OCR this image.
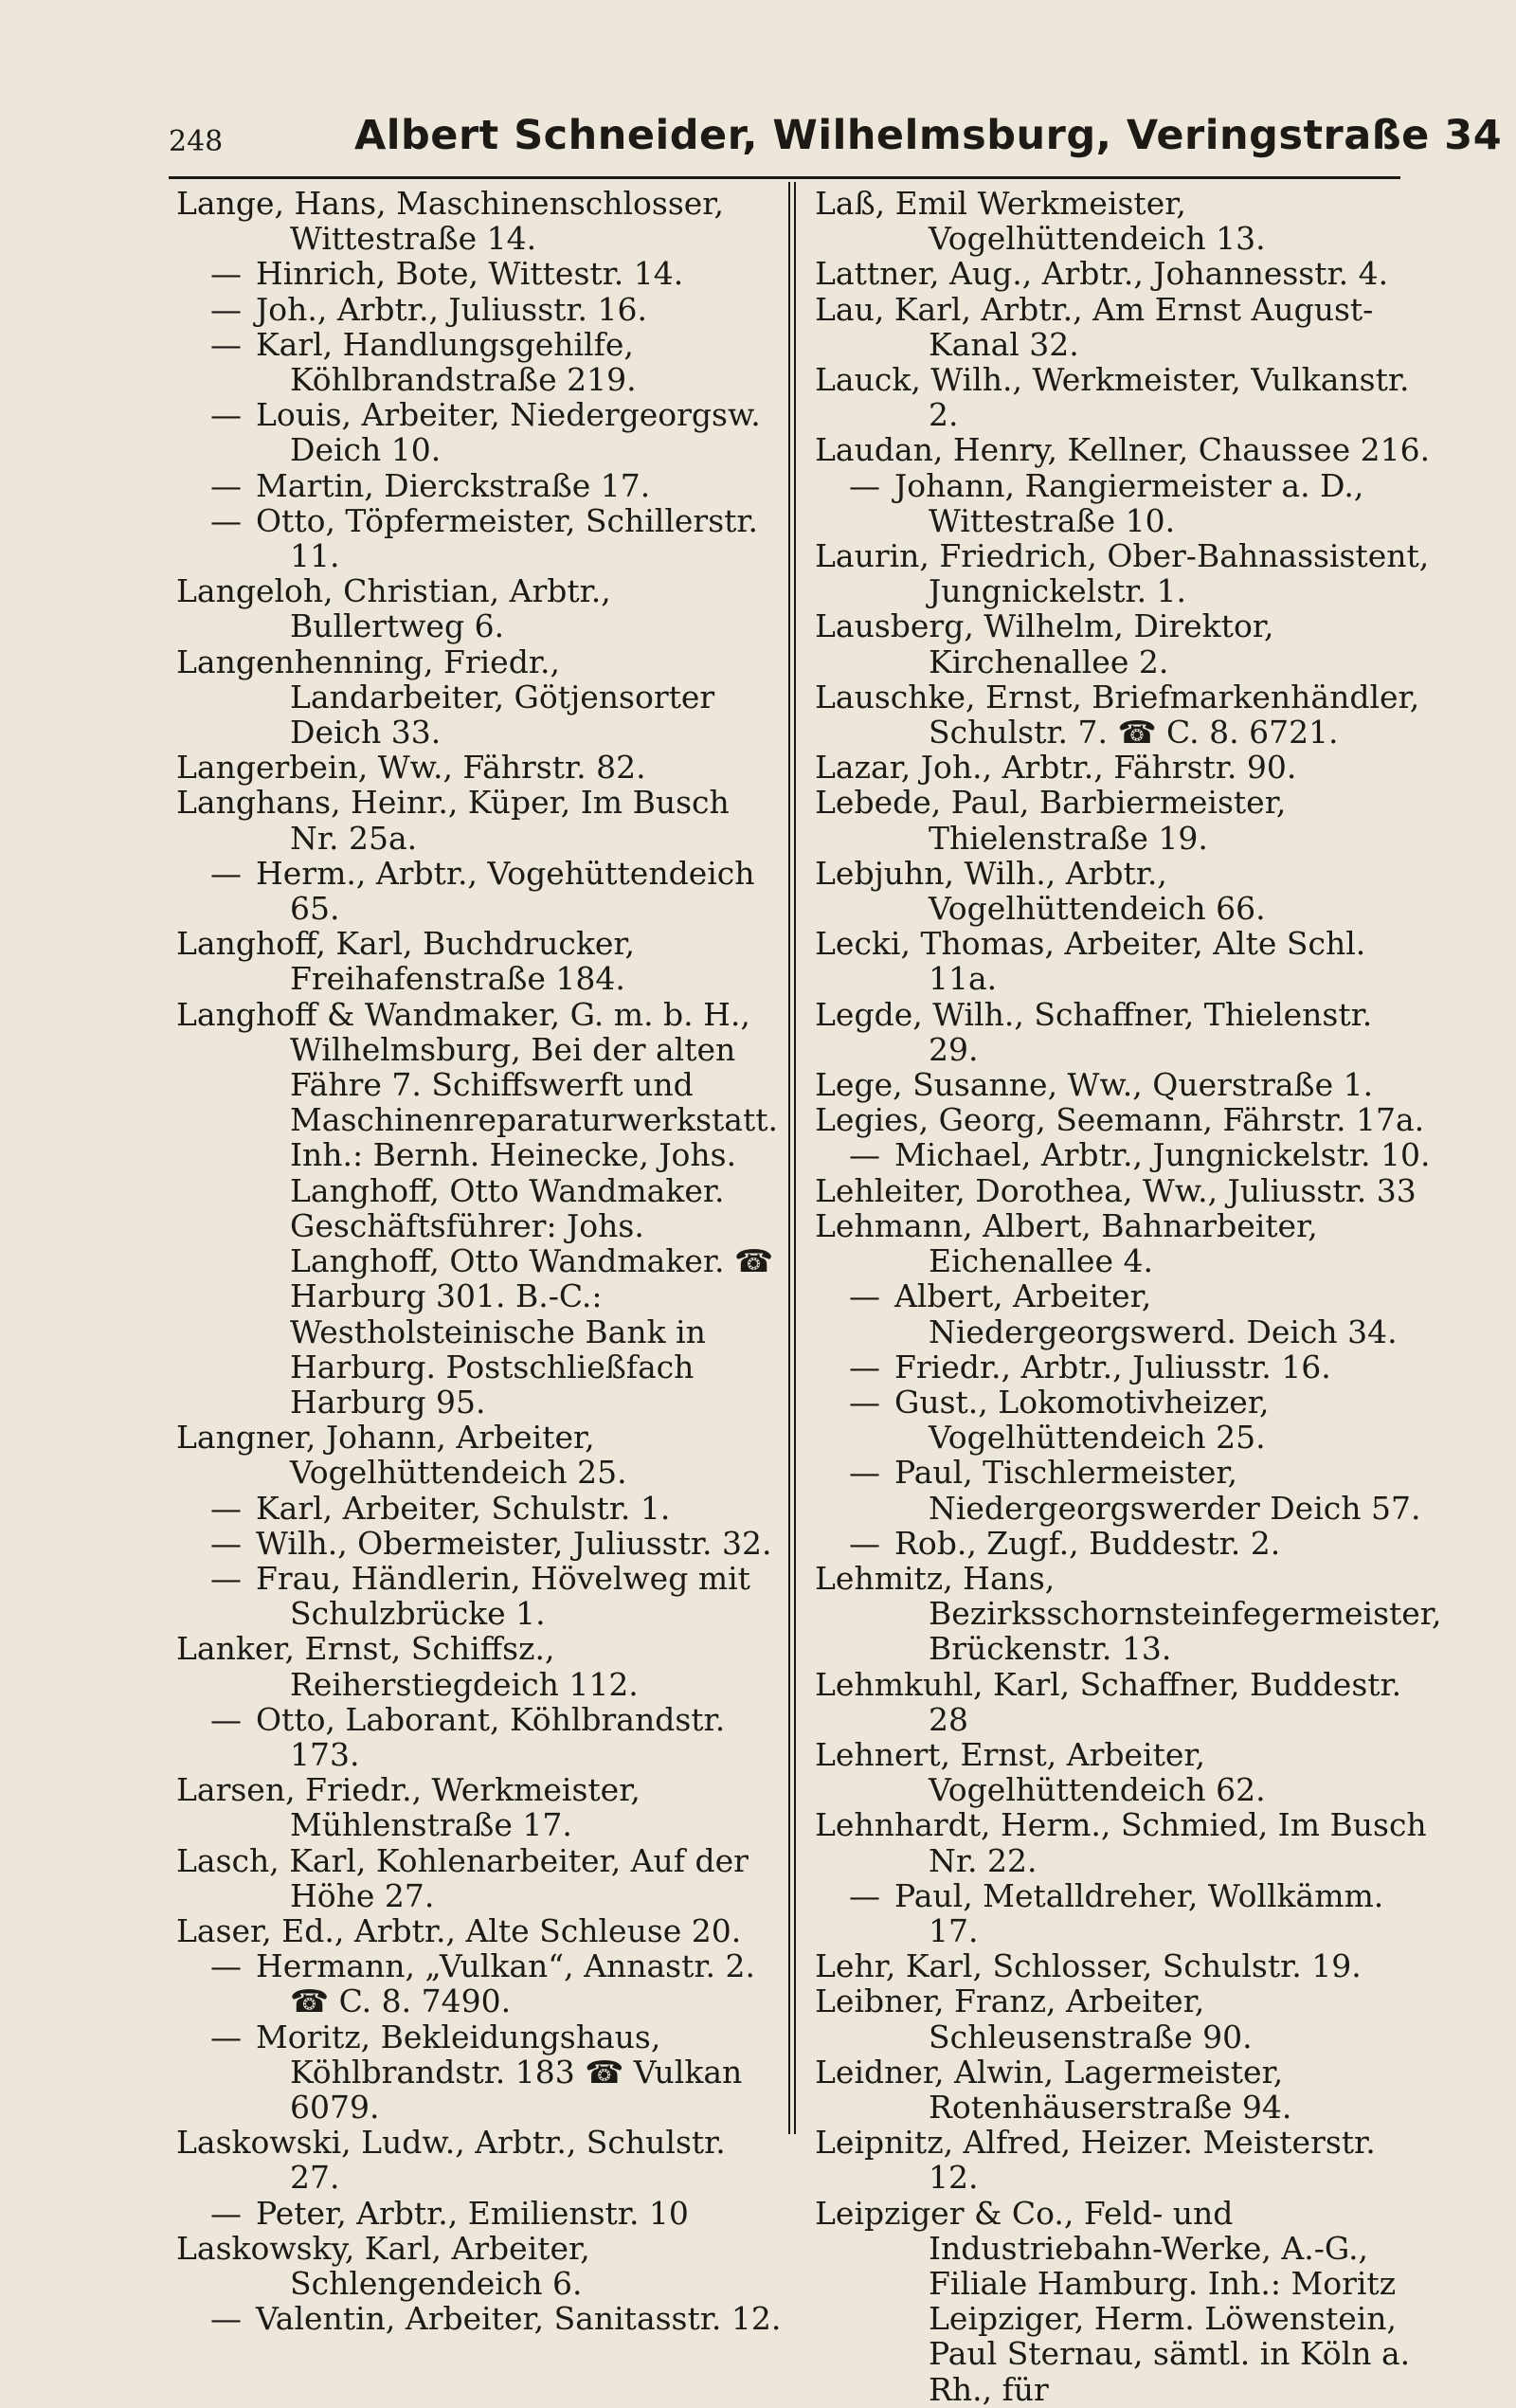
248	Albert Schneider, Wilhelmsburg, Veringstraße 34

Lange, Hans, Maschinenschlosser, Wittestraße 14.

— Hinrich, Bote, Wittestr. 14.

— Joh., Arbtr., Juliusstr. 16.

— Karl, Handlungsgehilfe, Köhlbrandstraße 219.

— Louis, Arbeiter, Niedergeorgsw. Deich 10.

— Martin, Dierckstraße 17.

— Otto, Töpfermeister, Schillerstr. 11.

Langeloh, Christian, Arbtr., Bullertweg 6.

Langenhenning, Friedr., Landarbeiter, Götjensorter Deich 33.

Langerbein, Ww., Fährstr. 82.

Langhans, Heinr., Küper, Im Busch Nr. 25a.

— Herm., Arbtr., Vogehüttendeich 65.

Langhoff, Karl, Buchdrucker, Freihafenstraße 184.

Langhoff & Wandmaker, G. m. b. H., Wilhelmsburg, Bei der alten Fähre 7. Schiffswerft und Maschinenreparaturwerkstatt. Inh.: Bernh. Heinecke, Johs. Langhoff, Otto Wandmaker. Geschäftsführer: Johs. Langhoff, Otto Wandmaker. ☎ Harburg 301. B.-C.: Westholsteinische Bank in Harburg. Postschließfach Harburg 95.

Langner, Johann, Arbeiter, Vogelhüttendeich 25.

— Karl, Arbeiter, Schulstr. 1.

— Wilh., Obermeister, Juliusstr. 32.

— Frau, Händlerin, Hövelweg mit Schulzbrücke 1.

Lanker, Ernst, Schiffsz., Reiherstiegdeich 112.

— Otto, Laborant, Köhlbrandstr. 173.

Larsen, Friedr., Werkmeister, Mühlenstraße 17.

Lasch, Karl, Kohlenarbeiter, Auf der Höhe 27.

Laser, Ed., Arbtr., Alte Schleuse 20.

— Hermann, „Vulkan“, Annastr. 2. ☎ C. 8. 7490.

— Moritz, Bekleidungshaus, Köhlbrandstr. 183 ☎ Vulkan 6079.

Laskowski, Ludw., Arbtr., Schulstr. 27.

— Peter, Arbtr., Emilienstr. 10

Laskowsky, Karl, Arbeiter, Schlengendeich 6.

— Valentin, Arbeiter, Sanitasstr. 12.

Laß, Emil Werkmeister, Vogelhüttendeich 13.

Lattner, Aug., Arbtr., Johannesstr. 4.

Lau, Karl, Arbtr., Am Ernst August-Kanal 32.

Lauck, Wilh., Werkmeister, Vulkanstr. 2.

Laudan, Henry, Kellner, Chaussee 216.

— Johann, Rangiermeister a. D., Wittestraße 10.

Laurin, Friedrich, Ober-Bahnassistent, Jungnickelstr. 1.

Lausberg, Wilhelm, Direktor, Kirchenallee 2.

Lauschke, Ernst, Briefmarkenhändler, Schulstr. 7. ☎ C. 8. 6721.

Lazar, Joh., Arbtr., Fährstr. 90.

Lebede, Paul, Barbiermeister, Thielenstraße 19.

Lebjuhn, Wilh., Arbtr., Vogelhüttendeich 66.

Lecki, Thomas, Arbeiter, Alte Schl. 11a.

Legde, Wilh., Schaffner, Thielenstr. 29.

Lege, Susanne, Ww., Querstraße 1.

Legies, Georg, Seemann, Fährstr. 17a.

— Michael, Arbtr., Jungnickelstr. 10.

Lehleiter, Dorothea, Ww., Juliusstr. 33

Lehmann, Albert, Bahnarbeiter, Eichenallee 4.

— Albert, Arbeiter, Niedergeorgswerd. Deich 34.

— Friedr., Arbtr., Juliusstr. 16.

— Gust., Lokomotivheizer, Vogelhüttendeich 25.

— Paul, Tischlermeister, Niedergeorgswerder Deich 57.

— Rob., Zugf., Buddestr. 2.

Lehmitz, Hans, Bezirksschornsteinfegermeister, Brückenstr. 13.

Lehmkuhl, Karl, Schaffner, Buddestr. 28

Lehnert, Ernst, Arbeiter, Vogelhüttendeich 62.

Lehnhardt, Herm., Schmied, Im Busch Nr. 22.

— Paul, Metalldreher, Wollkämm. 17.

Lehr, Karl, Schlosser, Schulstr. 19.

Leibner, Franz, Arbeiter, Schleusenstraße 90.

Leidner, Alwin, Lagermeister, Rotenhäuserstraße 94.

Leipnitz, Alfred, Heizer. Meisterstr. 12.

Leipziger & Co., Feld- und Industriebahn-Werke, A.-G., Filiale Hamburg. Inh.: Moritz Leipziger, Herm. Löwenstein, Paul Sternau, sämtl. in Köln a. Rh., für
